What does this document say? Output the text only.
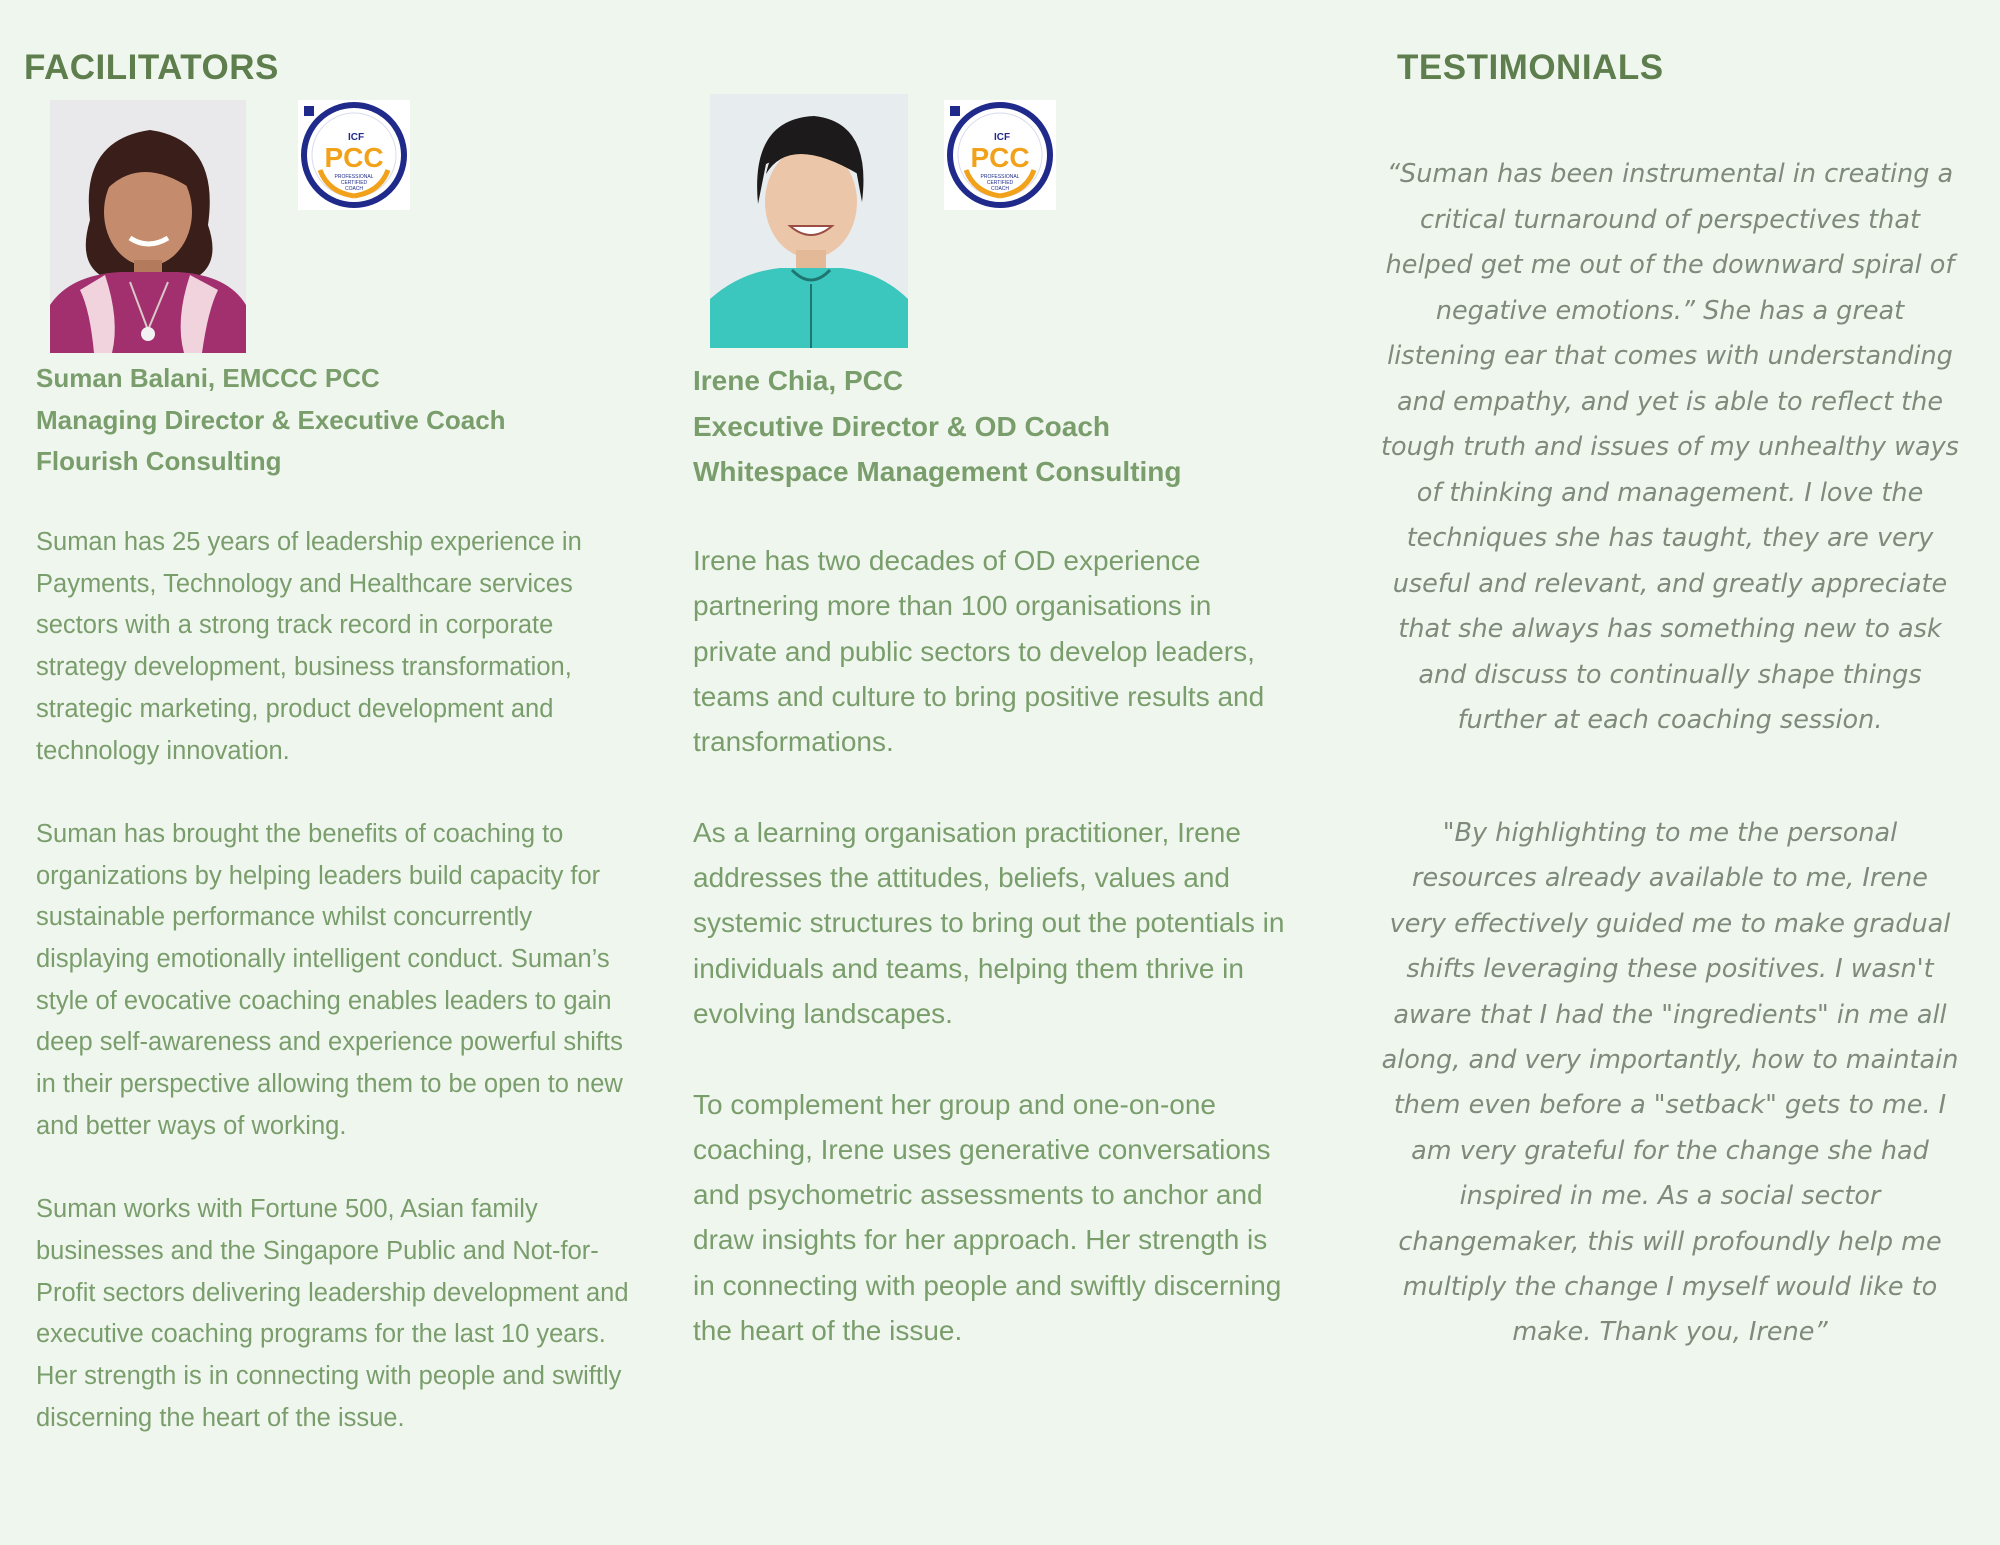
FACILITATORS	TESTIMONIALS
ICF
PCC
PROFESSIONAL
CERTIFIED
COACH
ICF
PCC
PROFESSIONAL
CERTIFIED
COACH
Suman Balani, EMCCC PCC
Managing Director & Executive Coach
Flourish Consulting

Suman has 25 years of leadership experience in Payments, Technology and Healthcare services sectors with a strong track record in corporate strategy development, business transformation, strategic marketing, product development and technology innovation.

Suman has brought the benefits of coaching to organizations by helping leaders build capacity for sustainable performance whilst concurrently displaying emotionally intelligent conduct. Suman’s style of evocative coaching enables leaders to gain deep self-awareness and experience powerful shifts in their perspective allowing them to be open to new and better ways of working.

Suman works with Fortune 500, Asian family businesses and the Singapore Public and Not-for-Profit sectors delivering leadership development and executive coaching programs for the last 10 years. Her strength is in connecting with people and swiftly discerning the heart of the issue.

Irene Chia, PCC
Executive Director & OD Coach
Whitespace Management Consulting

Irene has two decades of OD experience partnering more than 100 organisations in private and public sectors to develop leaders, teams and culture to bring positive results and transformations.

As a learning organisation practitioner, Irene addresses the attitudes, beliefs, values and systemic structures to bring out the potentials in individuals and teams, helping them thrive in evolving landscapes.

To complement her group and one-on-one coaching, Irene uses generative conversations and psychometric assessments to anchor and draw insights for her approach. Her strength is in connecting with people and swiftly discerning the heart of the issue.

“Suman has been instrumental in creating a critical turnaround of perspectives that helped get me out of the downward spiral of negative emotions.” She has a great listening ear that comes with understanding and empathy, and yet is able to reflect the tough truth and issues of my unhealthy ways of thinking and management. I love the techniques she has taught, they are very useful and relevant, and greatly appreciate that she always has something new to ask and discuss to continually shape things further at each coaching session.

"By highlighting to me the personal resources already available to me, Irene very effectively guided me to make gradual shifts leveraging these positives. I wasn't aware that I had the "ingredients" in me all along, and very importantly, how to maintain them even before a "setback" gets to me. I am very grateful for the change she had inspired in me. As a social sector changemaker, this will profoundly help me multiply the change I myself would like to make. Thank you, Irene”
